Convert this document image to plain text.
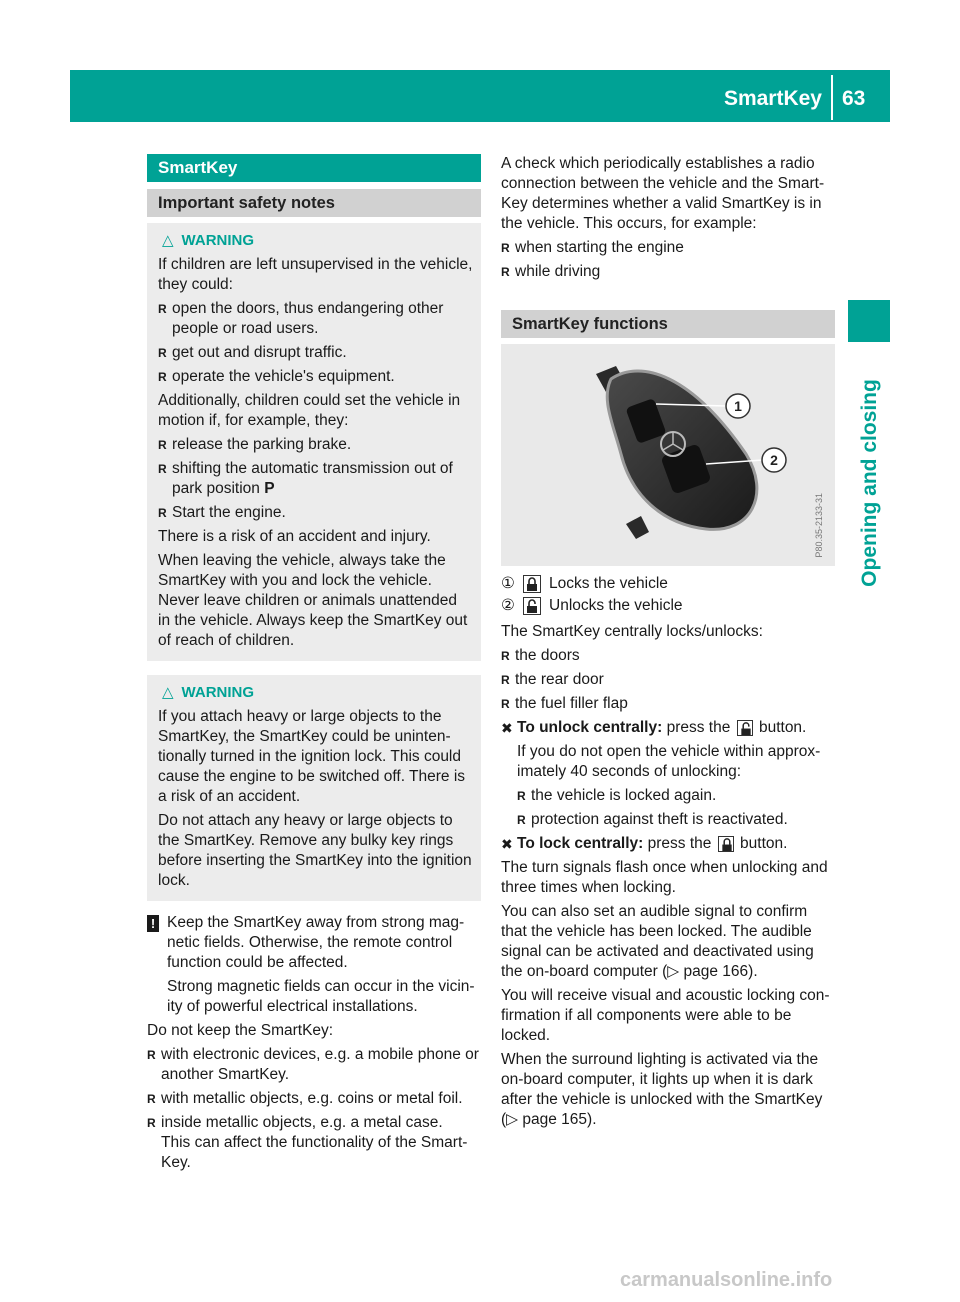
SmartKey 63
Opening and closing
SmartKey
Important safety notes
△ WARNING

If children are left unsupervised in the vehicle, they could:

R open the doors, thus endangering other people or road users.
R get out and disrupt traffic.
R operate the vehicle's equipment.

Additionally, children could set the vehicle in motion if, for example, they:

R release the parking brake.
R shifting the automatic transmission out of park position P
R Start the engine.

There is a risk of an accident and injury.

When leaving the vehicle, always take the SmartKey with you and lock the vehicle. Never leave children or animals unattended in the vehicle. Always keep the SmartKey out of reach of children.

△ WARNING

If you attach heavy or large objects to the SmartKey, the SmartKey could be uninten- tionally turned in the ignition lock. This could cause the engine to be switched off. There is a risk of an accident.

Do not attach any heavy or large objects to the SmartKey. Remove any bulky key rings before inserting the SmartKey into the ignition lock.

! Keep the SmartKey away from strong mag- netic fields. Otherwise, the remote control function could be affected.

Strong magnetic fields can occur in the vicin- ity of powerful electrical installations.

Do not keep the SmartKey:

R with electronic devices, e.g. a mobile phone or another SmartKey.
R with metallic objects, e.g. coins or metal foil.
R inside metallic objects, e.g. a metal case.
This can affect the functionality of the Smart- Key.

A check which periodically establishes a radio connection between the vehicle and the Smart- Key determines whether a valid SmartKey is in the vehicle. This occurs, for example:

R when starting the engine
R while driving
SmartKey functions
1
2
P80.35-2133-31
①	Locks the vehicle
②	Unlocks the vehicle

The SmartKey centrally locks/unlocks:

R the doors
R the rear door
R the fuel filler flap
✖ To unlock centrally: press the
button.

If you do not open the vehicle within approx- imately 40 seconds of unlocking:

R the vehicle is locked again.
R protection against theft is reactivated.
✖ To lock centrally: press the
button.

The turn signals flash once when unlocking and three times when locking.

You can also set an audible signal to confirm that the vehicle has been locked. The audible signal can be activated and deactivated using the on-board computer (▷ page 166).

You will receive visual and acoustic locking con- firmation if all components were able to be locked.

When the surround lighting is activated via the on-board computer, it lights up when it is dark after the vehicle is unlocked with the SmartKey (▷ page 165).

carmanualsonline.info
